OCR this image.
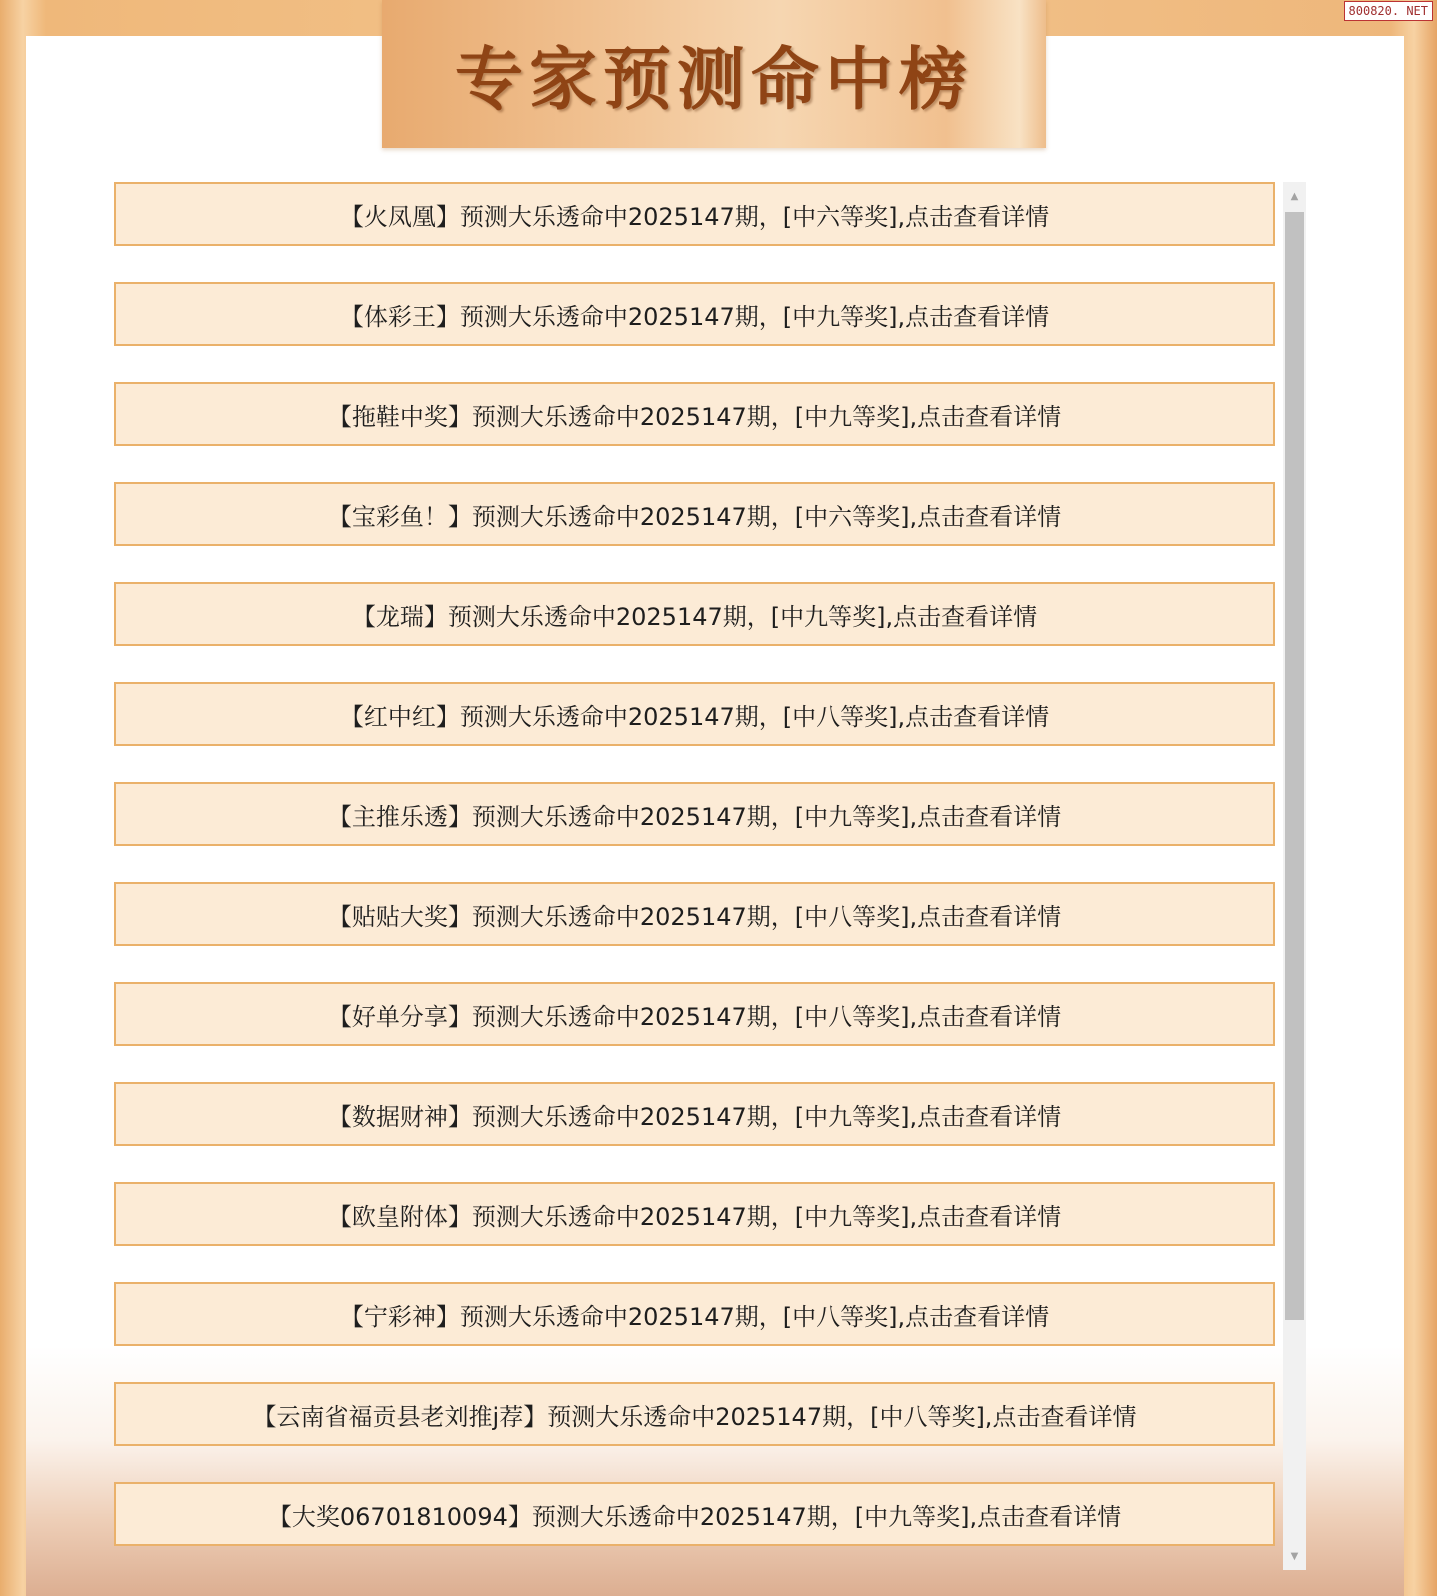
专家预测命中榜
800820. NET
【火凤凰】预测大乐透命中2025147期，[中六等奖],点击查看详情
【体彩王】预测大乐透命中2025147期，[中九等奖],点击查看详情
【拖鞋中奖】预测大乐透命中2025147期，[中九等奖],点击查看详情
【宝彩鱼！】预测大乐透命中2025147期，[中六等奖],点击查看详情
【龙瑞】预测大乐透命中2025147期，[中九等奖],点击查看详情
【红中红】预测大乐透命中2025147期，[中八等奖],点击查看详情
【主推乐透】预测大乐透命中2025147期，[中九等奖],点击查看详情
【贴贴大奖】预测大乐透命中2025147期，[中八等奖],点击查看详情
【好单分享】预测大乐透命中2025147期，[中八等奖],点击查看详情
【数据财神】预测大乐透命中2025147期，[中九等奖],点击查看详情
【欧皇附体】预测大乐透命中2025147期，[中九等奖],点击查看详情
【宁彩神】预测大乐透命中2025147期，[中八等奖],点击查看详情
【云南省福贡县老刘推j荐】预测大乐透命中2025147期，[中八等奖],点击查看详情
【大奖06701810094】预测大乐透命中2025147期，[中九等奖],点击查看详情
▲
▼
